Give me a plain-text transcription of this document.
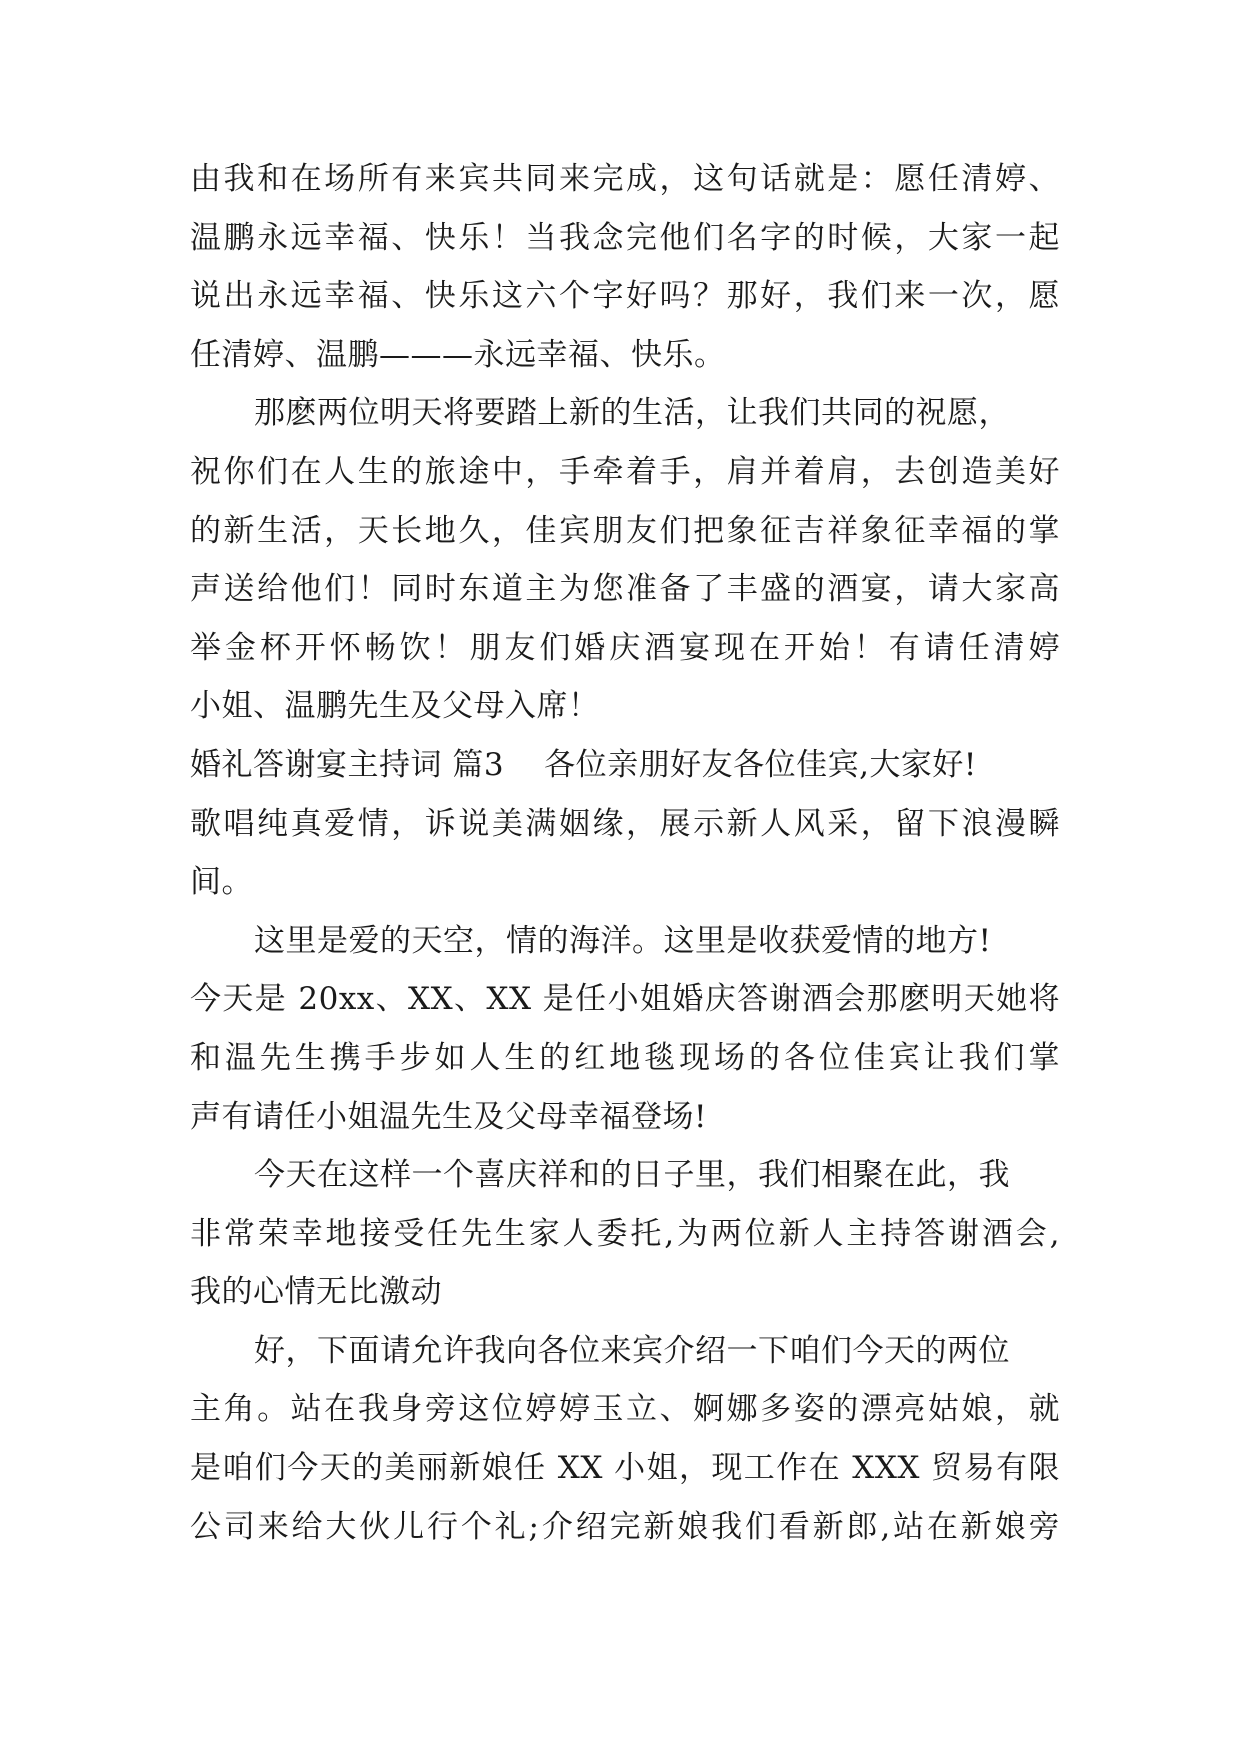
由我和在场所有来宾共同来完成，这句话就是：愿任清婷、
温鹏永远幸福、快乐！当我念完他们名字的时候，大家一起
说出永远幸福、快乐这六个字好吗？那好，我们来一次，愿
任清婷、温鹏———永远幸福、快乐。
那麽两位明天将要踏上新的生活，让我们共同的祝愿，
祝你们在人生的旅途中，手牵着手，肩并着肩，去创造美好
的新生活，天长地久，佳宾朋友们把象征吉祥象征幸福的掌
声送给他们！同时东道主为您准备了丰盛的酒宴，请大家高
举金杯开怀畅饮！朋友们婚庆酒宴现在开始！有请任清婷
小姐、温鹏先生及父母入席！
婚礼答谢宴主持词 篇3 各位亲朋好友各位佳宾,大家好!
歌唱纯真爱情，诉说美满姻缘，展示新人风采，留下浪漫瞬
间。
这里是爱的天空，情的海洋。这里是收获爱情的地方!
今天是 20xx、XX、XX 是任小姐婚庆答谢酒会那麽明天她将
和温先生携手步如人生的红地毯现场的各位佳宾让我们掌
声有请任小姐温先生及父母幸福登场!
今天在这样一个喜庆祥和的日子里，我们相聚在此，我
非常荣幸地接受任先生家人委托,为两位新人主持答谢酒会,
我的心情无比激动
好，下面请允许我向各位来宾介绍一下咱们今天的两位
主角。站在我身旁这位婷婷玉立、婀娜多姿的漂亮姑娘，就
是咱们今天的美丽新娘任 XX 小姐，现工作在 XXX 贸易有限
公司来给大伙儿行个礼;介绍完新娘我们看新郎,站在新娘旁
